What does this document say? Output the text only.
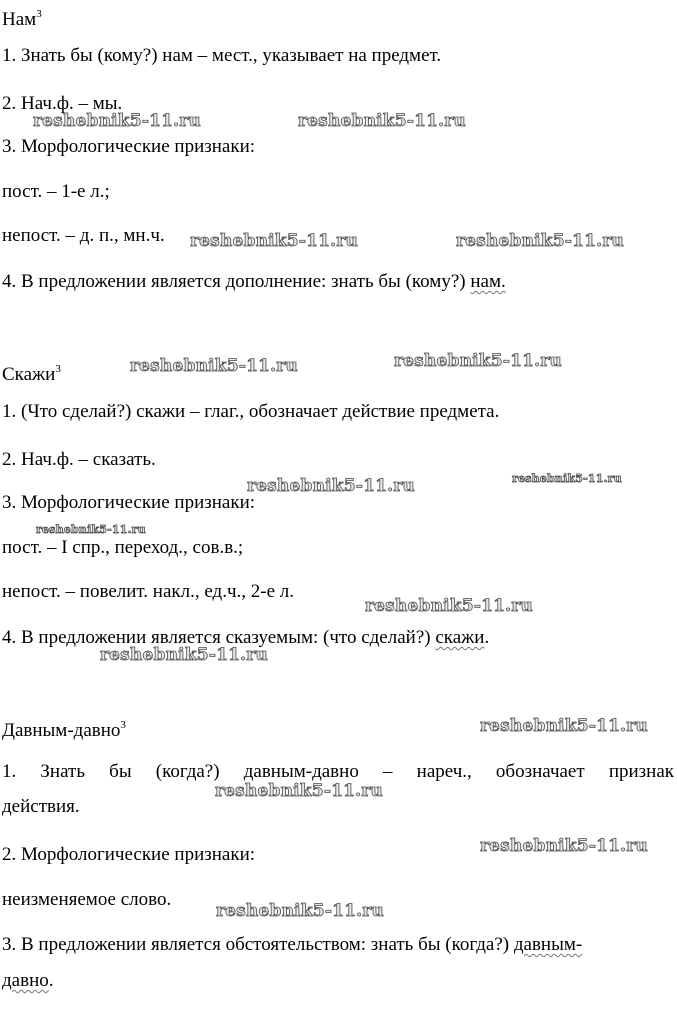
Нам$^3$
1. Знать бы (кому?) нам – мест., указывает на предмет.
2. Нач.ф. – мы.
3. Морфологические признаки:
пост. – 1-е л.;
непост. – д. п., мн.ч.
4. В предложении является дополнение: знать бы (кому?) нам.
Скажи$^3$
1. (Что сделай?) скажи – глаг., обозначает действие предмета.
2. Нач.ф. – сказать.
3. Морфологические признаки:
пост. – I спр., переход., сов.в.;
непост. – повелит. накл., ед.ч., 2-е л.
4. В предложении является сказуемым: (что сделай?) скажи.
Давным-давно$^3$
1. Знать бы (когда?) давным-давно – нареч., обозначает признак
действия.
2. Морфологические признаки:
неизменяемое слово.
3. В предложении является обстоятельством: знать бы (когда?) давным-
давно.
reshebnik5-11.ru	reshebnik5-11.ru
reshebnik5-11.ru	reshebnik5-11.ru
reshebnik5-11.ru	reshebnik5-11.ru
reshebnik5-11.ru	reshebnik5-11.ru
reshebnik5-11.ru
reshebnik5-11.ru
reshebnik5-11.ru
reshebnik5-11.ru
reshebnik5-11.ru
reshebnik5-11.ru
reshebnik5-11.ru
